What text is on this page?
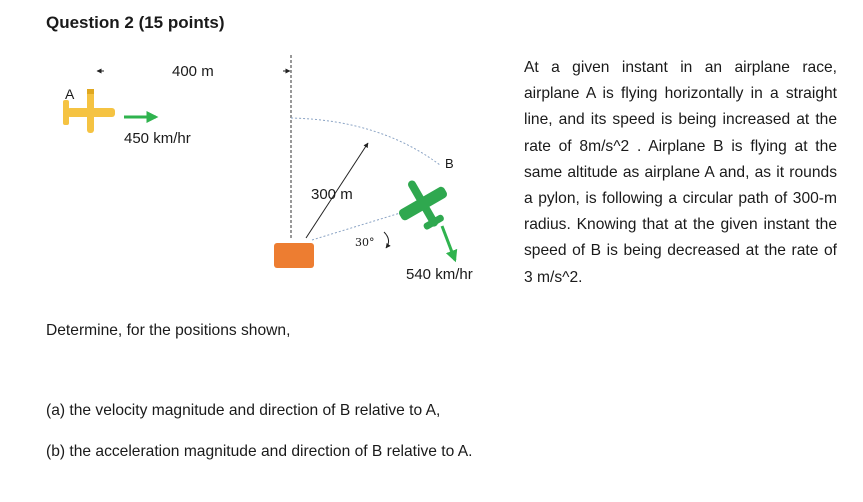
Question 2 (15 points)
A
400 m
450 km/hr
B
300 m
30°
540 km/hr

At a given instant in an airplane race, airplane A is flying horizontally in a straight line, and its speed is being increased at the rate of 8m/s^2 . Airplane B is flying at the same altitude as airplane A and, as it rounds a pylon, is following a circular path of 300-m radius. Knowing that at the given instant the speed of B is being decreased at the rate of 3 m/s^2.

Determine, for the positions shown,

(a) the velocity magnitude and direction of B relative to A,

(b) the acceleration magnitude and direction of B relative to A.
